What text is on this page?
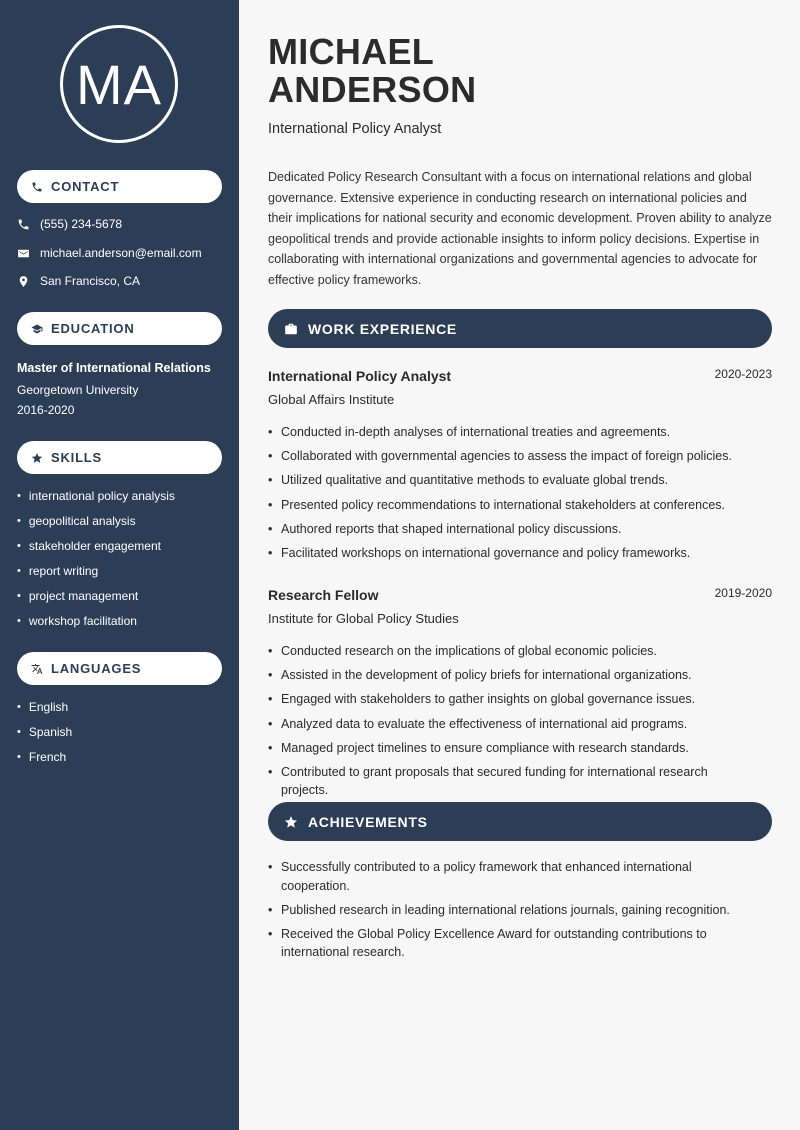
MA
CONTACT
(555) 234-5678
michael.anderson@email.com
San Francisco, CA
EDUCATION
Master of International Relations
Georgetown University
2016-2020
SKILLS
• international policy analysis
• geopolitical analysis
• stakeholder engagement
• report writing
• project management
• workshop facilitation
LANGUAGES
• English
• Spanish
• French
MICHAEL
ANDERSON
International Policy Analyst

Dedicated Policy Research Consultant with a focus on international relations and global governance. Extensive experience in conducting research on international policies and their implications for national security and economic development. Proven ability to analyze geopolitical trends and provide actionable insights to inform policy decisions. Expertise in collaborating with international organizations and governmental agencies to advocate for effective policy frameworks.

WORK EXPERIENCE
International Policy Analyst	2020-2023
Global Affairs Institute
• Conducted in-depth analyses of international treaties and agreements.
• Collaborated with governmental agencies to assess the impact of foreign policies.
• Utilized qualitative and quantitative methods to evaluate global trends.
• Presented policy recommendations to international stakeholders at conferences.
• Authored reports that shaped international policy discussions.
• Facilitated workshops on international governance and policy frameworks.
Research Fellow	2019-2020
Institute for Global Policy Studies
• Conducted research on the implications of global economic policies.
• Assisted in the development of policy briefs for international organizations.
• Engaged with stakeholders to gather insights on global governance issues.
• Analyzed data to evaluate the effectiveness of international aid programs.
• Managed project timelines to ensure compliance with research standards.
• Contributed to grant proposals that secured funding for international research projects.
ACHIEVEMENTS
• Successfully contributed to a policy framework that enhanced international cooperation.
• Published research in leading international relations journals, gaining recognition.
• Received the Global Policy Excellence Award for outstanding contributions to international research.
